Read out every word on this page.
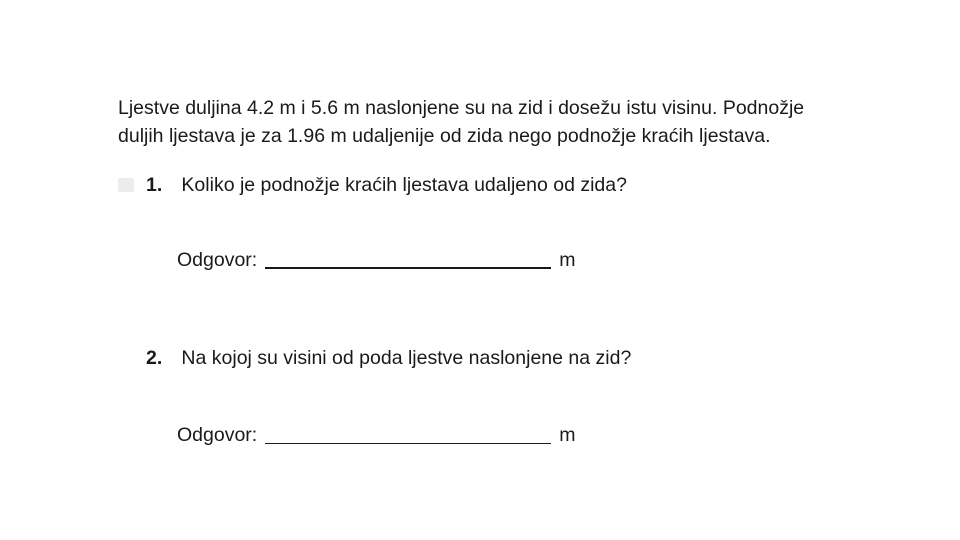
Ljestve duljina 4.2 m i 5.6 m naslonjene su na zid i dosežu istu visinu. Podnožje

duljih ljestava je za 1.96 m udaljenije od zida nego podnožje kraćih ljestava.

1. Koliko je podnožje kraćih ljestava udaljeno od zida?
Odgovor:	m
2. Na kojoj su visini od poda ljestve naslonjene na zid?
Odgovor:	m
